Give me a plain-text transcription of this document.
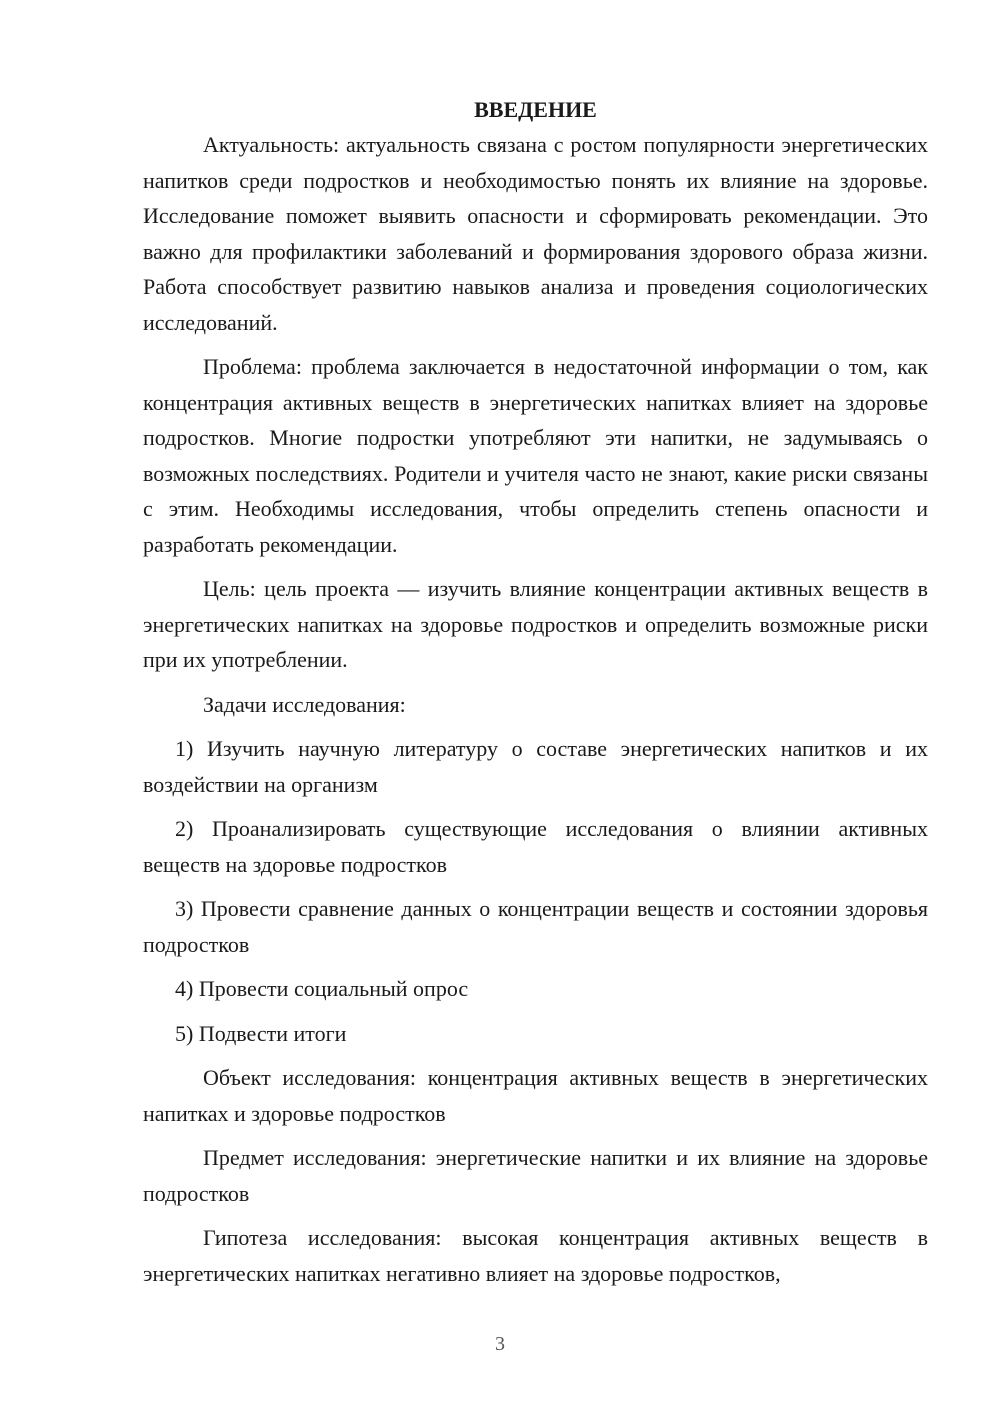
ВВЕДЕНИЕ

Актуальность: актуальность связана с ростом популярности энергетических напитков среди подростков и необходимостью понять их влияние на здоровье. Исследование поможет выявить опасности и сформировать рекомендации. Это важно для профилактики заболеваний и формирования здорового образа жизни. Работа способствует развитию навыков анализа и проведения социологических исследований.

Проблема: проблема заключается в недостаточной информации о том, как концентрация активных веществ в энергетических напитках влияет на здоровье подростков. Многие подростки употребляют эти напитки, не задумываясь о возможных последствиях. Родители и учителя часто не знают, какие риски связаны с этим. Необходимы исследования, чтобы определить степень опасности и разработать рекомендации.

Цель: цель проекта — изучить влияние концентрации активных веществ в энергетических напитках на здоровье подростков и определить возможные риски при их употреблении.

Задачи исследования:

1) Изучить научную литературу о составе энергетических напитков и их воздействии на организм

2) Проанализировать существующие исследования о влиянии активных веществ на здоровье подростков

3) Провести сравнение данных о концентрации веществ и состоянии здоровья подростков

4) Провести социальный опрос

5) Подвести итоги

Объект исследования: концентрация активных веществ в энергетических напитках и здоровье подростков

Предмет исследования: энергетические напитки и их влияние на здоровье подростков

Гипотеза исследования: высокая концентрация активных веществ в энергетических напитках негативно влияет на здоровье подростков,

3
